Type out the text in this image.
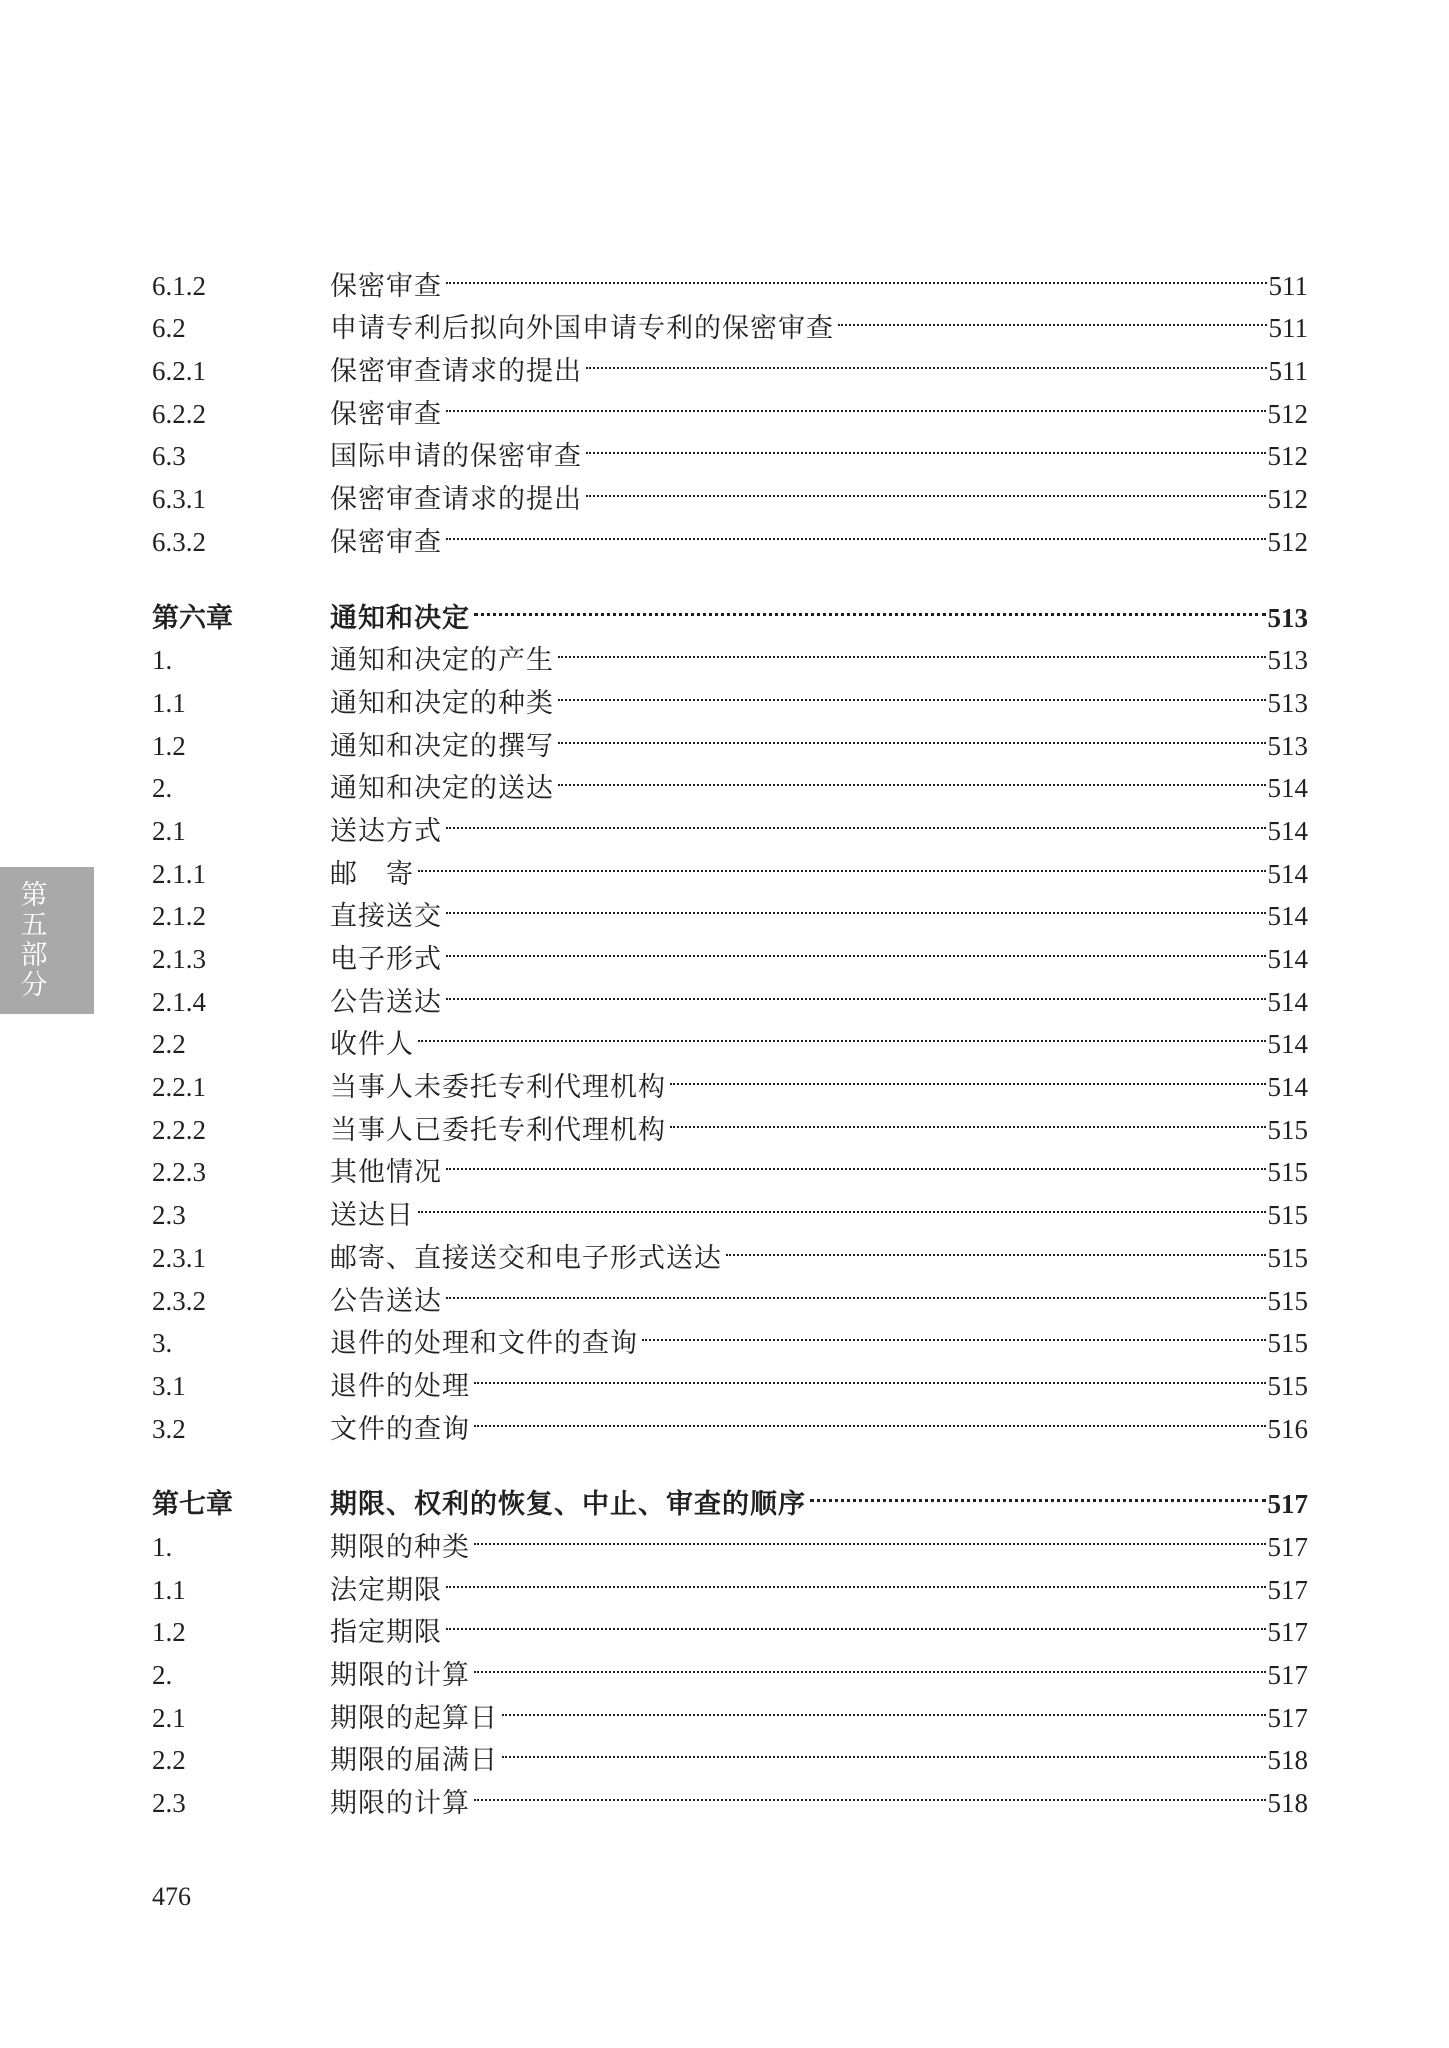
6.1.2	保密审查	511
6.2	申请专利后拟向外国申请专利的保密审查	511
6.2.1	保密审查请求的提出	511
6.2.2	保密审查	512
6.3	国际申请的保密审查	512
6.3.1	保密审查请求的提出	512
6.3.2	保密审查	512
第六章	通知和决定	513
1.	通知和决定的产生	513
1.1	通知和决定的种类	513
1.2	通知和决定的撰写	513
2.	通知和决定的送达	514
2.1	送达方式	514
2.1.1	邮　寄	514
2.1.2	直接送交	514
2.1.3	电子形式	514
2.1.4	公告送达	514
2.2	收件人	514
2.2.1	当事人未委托专利代理机构	514
2.2.2	当事人已委托专利代理机构	515
2.2.3	其他情况	515
2.3	送达日	515
2.3.1	邮寄、直接送交和电子形式送达	515
2.3.2	公告送达	515
3.	退件的处理和文件的查询	515
3.1	退件的处理	515
3.2	文件的查询	516
第七章	期限、权利的恢复、中止、审查的顺序	517
1.	期限的种类	517
1.1	法定期限	517
1.2	指定期限	517
2.	期限的计算	517
2.1	期限的起算日	517
2.2	期限的届满日	518
2.3	期限的计算	518
第
五
部
分
476
